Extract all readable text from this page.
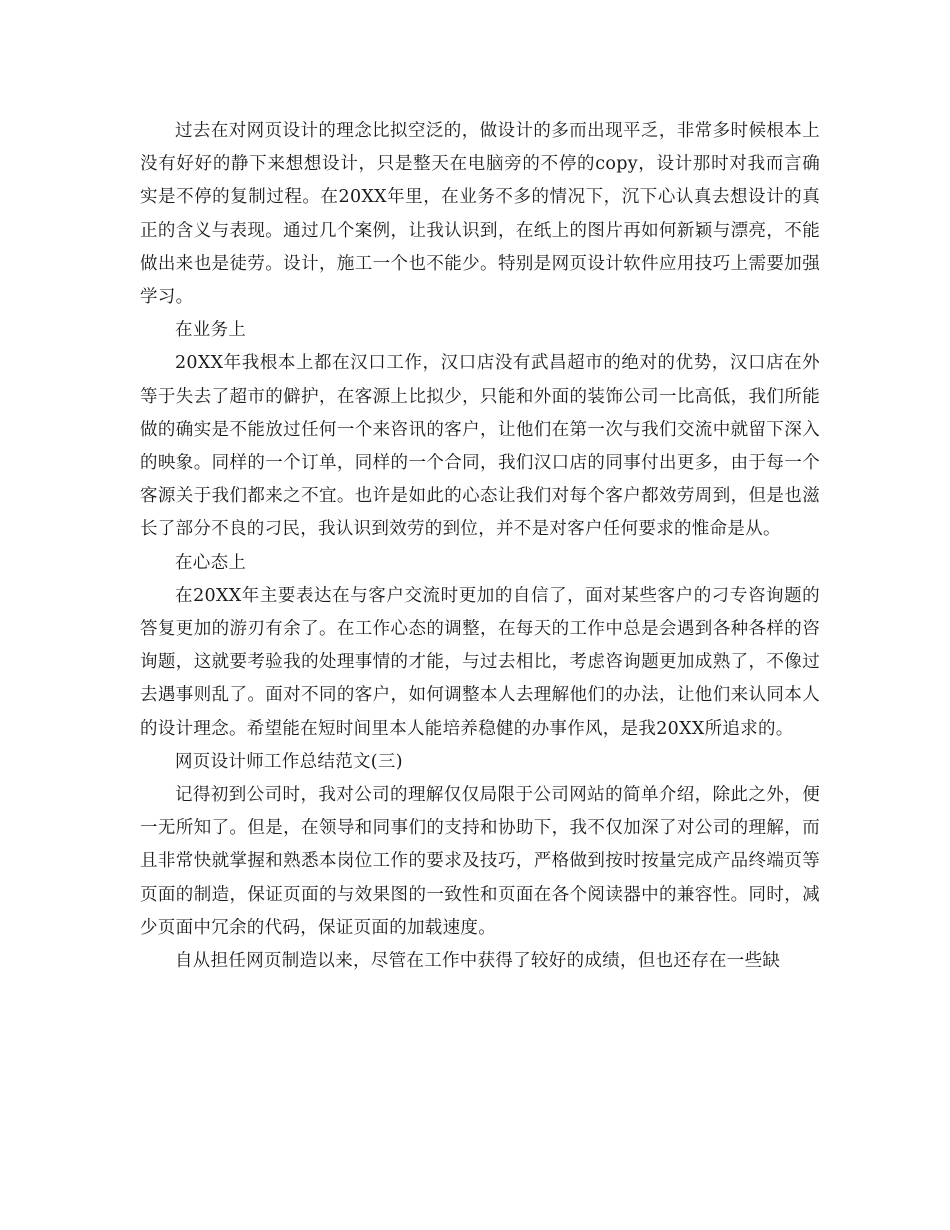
过去在对网页设计的理念比拟空泛的，做设计的多而出现平乏，非常多时候根本上没有好好的静下来想想设计，只是整天在电脑旁的不停的copy，设计那时对我而言确实是不停的复制过程。在20XX年里，在业务不多的情况下，沉下心认真去想设计的真正的含义与表现。通过几个案例，让我认识到，在纸上的图片再如何新颖与漂亮，不能做出来也是徒劳。设计，施工一个也不能少。特别是网页设计软件应用技巧上需要加强学习。

在业务上

20XX年我根本上都在汉口工作，汉口店没有武昌超市的绝对的优势，汉口店在外等于失去了超市的僻护，在客源上比拟少，只能和外面的装饰公司一比高低，我们所能做的确实是不能放过任何一个来咨讯的客户，让他们在第一次与我们交流中就留下深入的映象。同样的一个订单，同样的一个合同，我们汉口店的同事付出更多，由于每一个客源关于我们都来之不宜。也许是如此的心态让我们对每个客户都效劳周到，但是也滋长了部分不良的刁民，我认识到效劳的到位，并不是对客户任何要求的惟命是从。

在心态上

在20XX年主要表达在与客户交流时更加的自信了，面对某些客户的刁专咨询题的答复更加的游刃有余了。在工作心态的调整，在每天的工作中总是会遇到各种各样的咨询题，这就要考验我的处理事情的才能，与过去相比，考虑咨询题更加成熟了，不像过去遇事则乱了。面对不同的客户，如何调整本人去理解他们的办法，让他们来认同本人的设计理念。希望能在短时间里本人能培养稳健的办事作风，是我20XX所追求的。

网页设计师工作总结范文(三)

记得初到公司时，我对公司的理解仅仅局限于公司网站的简单介绍，除此之外，便一无所知了。但是，在领导和同事们的支持和协助下，我不仅加深了对公司的理解，而且非常快就掌握和熟悉本岗位工作的要求及技巧，严格做到按时按量完成产品终端页等页面的制造，保证页面的与效果图的一致性和页面在各个阅读器中的兼容性。同时，减少页面中冗余的代码，保证页面的加载速度。

自从担任网页制造以来，尽管在工作中获得了较好的成绩，但也还存在一些缺
